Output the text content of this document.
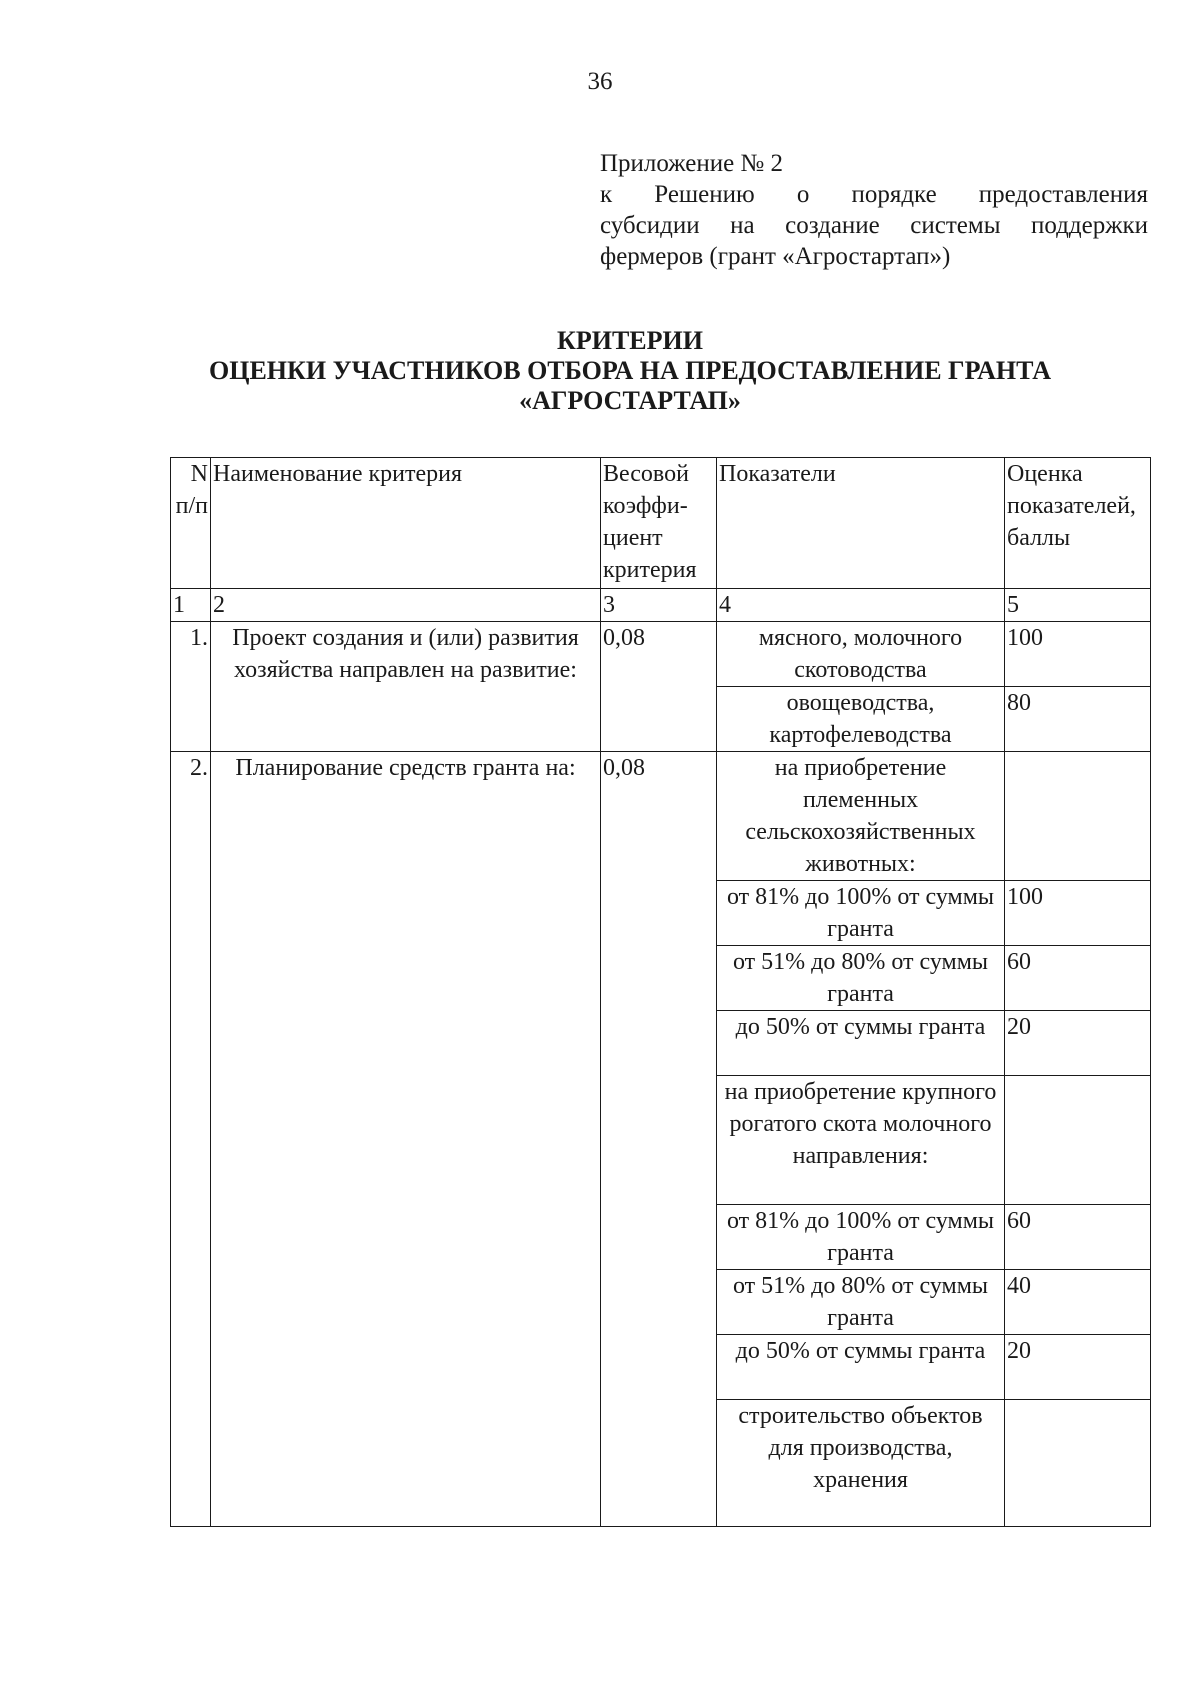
36
Приложение № 2
к Решению о порядке предоставления
субсидии на создание системы поддержки
фермеров (грант «Агростартап»)
КРИТЕРИИ
ОЦЕНКИ УЧАСТНИКОВ ОТБОРА НА ПРЕДОСТАВЛЕНИЕ ГРАНТА
«АГРОСТАРТАП»
N п/п	Наименование критерия	Весовой коэффи-циент критерия	Показатели	Оценка показателей, баллы
1	2	3	4	5
1.	Проект создания и (или) развития хозяйства направлен на развитие:	0,08	мясного, молочного скотоводства	100
			овощеводства, картофелеводства	80
2.	Планирование средств гранта на:	0,08	на приобретение племенных сельскохозяйственных животных:	
			от 81% до 100% от суммы гранта	100
			от 51% до 80% от суммы гранта	60
			до 50% от суммы гранта	20
			на приобретение крупного рогатого скота молочного направления:	
			от 81% до 100% от суммы гранта	60
			от 51% до 80% от суммы гранта	40
			до 50% от суммы гранта	20
			строительство объектов для производства, хранения	
